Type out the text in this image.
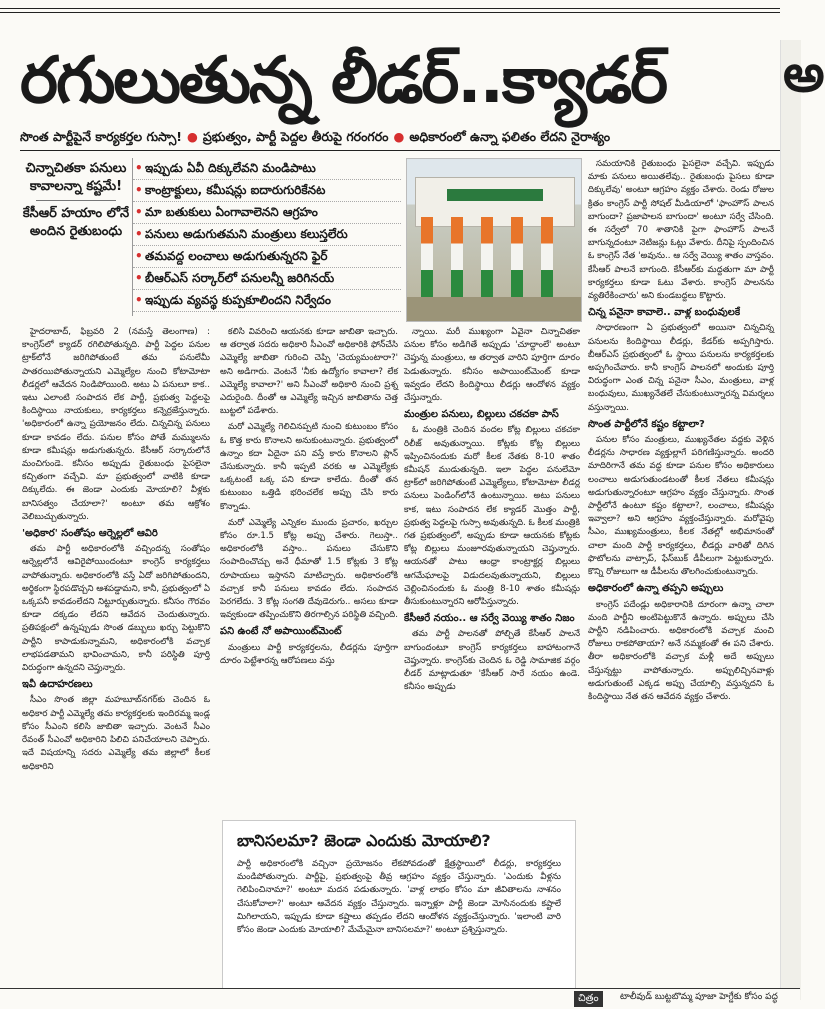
రగులుతున్న లీడర్..క్యాడర్
సొంత పార్టీపైనే కార్యకర్తల గుస్సా! ● ప్రభుత్వం, పార్టీ పెద్దల తీరుపై గరంగరం ● అధికారంలో ఉన్నా ఫలితం లేదని నైరాశ్యం
చిన్నాచితకా పనులు కావాలన్నా కష్టమే!
కేసీఆర్ హయాం లోనే అందిన రైతుబంధు
• ఇప్పుడు ఏవీ దిక్కులేవని మండిపాటు
• కాంట్రాక్టులు, కమీషన్లు ఐదారుగురికేనట
• మా బతుకులు ఏంగావాలెనని ఆగ్రహం
• పనులు అడుగుతమని మంత్రులు కలుస్తలేరు
• తమవద్ద లంచాలు అడుగుతున్నరని ఫైర్
• బీఆర్ఎస్ సర్కార్‌లో పనులన్నీ జరిగినయ్
• ఇప్పుడు వ్యవస్థ కుప్పకూలిందని నిర్వేదం

సమయానికి రైతుబంధు పైసలైనా వచ్చేవి. ఇప్పుడు మాకు పనులు అయితలేవు.. రైతుబంధు పైసలు కూడా దిక్కులేవు' అంటూ ఆగ్రహం వ్యక్తం చేశారు. రెండు రోజుల క్రితం కాంగ్రెస్ పార్టీ సోషల్ మీడియాలో 'ఫాంహౌస్ పాలన బాగుందా? ప్రజాపాలన బాగుందా' అంటూ సర్వే చేసింది. ఈ సర్వేలో 70 శాతానికి పైగా ఫాంహౌస్ పాలనే బాగున్నదంటూ నెటిజన్లు ఓట్లు వేశారు. దీనిపై స్పందించిన ఓ కాంగ్రెస్ నేత 'అవును.. ఆ సర్వే వెయ్యి శాతం వాస్తవం. కేసీఆర్ పాలనే బాగుంది. కేసీఆర్‌కు మద్దతుగా మా పార్టీ కార్యకర్తలు కూడా ఓటు వేశారు. కాంగ్రెస్ పాలనను వ్యతిరేకించారు' అని కుండబద్దలు కొట్టారు.

చిన్న పనైనా కావాలె.. వాళ్ల బంధువులకే

సాధారణంగా ఏ ప్రభుత్వంలో అయినా చిన్నచిన్న పనులను కిందిస్థాయి లీడర్లు, కేడర్‌కు అప్పగిస్తారు. బీఆర్ఎస్ ప్రభుత్వంలో ఓ స్థాయి పనులను కార్యకర్తలకు అప్పగించేవారు. కానీ కాంగ్రెస్ పాలనలో అందుకు పూర్తి విరుద్ధంగా ఎంత చిన్న పనైనా సీఎం, మంత్రులు, వాళ్ల బంధువులు, ముఖ్యనేతలే చేసుకుంటున్నారన్న విమర్శలు వస్తున్నాయి.

సొంత పార్టీలోనే కష్టం కట్టాలా?

పనుల కోసం మంత్రులు, ముఖ్యనేతల వద్దకు వెళ్లిన లీడర్లను సాధారణ వ్యక్తుల్లాగే పరిగణిస్తున్నారు. అందరి మాదిరిగానే తమ వద్ద కూడా పనుల కోసం అధికారులు లంచాలు అడుగుతుండటంతో కీలక నేతలు కమీషన్లు అడుగుతున్నారంటూ ఆగ్రహం వ్యక్తం చేస్తున్నారు. సొంత పార్టీలోనే ఉంటూ కష్టం కట్టాలా?, లంచాలు, కమీషన్లు ఇవ్వాలా? అని ఆగ్రహం వ్యక్తంచేస్తున్నారు. మరోవైపు సీఎం, ముఖ్యమంత్రులు, కీలక నేతల్లో అభిమానంతో చాలా మంది పార్టీ కార్యకర్తలు, లీడర్లు వారితో దిగిన ఫొటోలను వాట్సాప్, ఫేస్‌బుక్ డీపీలుగా పెట్టుకున్నారు. కొన్ని రోజులుగా ఆ డీపీలను తొలగించుకుంటున్నారు.

అధికారంలో ఉన్నా తప్పని అప్పులు

కాంగ్రెస్ పదేండ్లు అధికారానికి దూరంగా ఉన్నా చాలా మంది పార్టీని అంటిపెట్టుకొనే ఉన్నారు. అప్పులు చేసి పార్టీని నడిపించారు. అధికారంలోకి వచ్చాక మంచి రోజులు రాకపోతాయా? అనే నమ్మకంతో ఈ పని చేశారు. తీరా అధికారంలోకి వచ్చాక మళ్లీ అదే అప్పులు చేస్తున్నట్టు వాపోతున్నారు. అప్పులిచ్చినవాళ్లు అడుగుతుంటే ఎక్కడ అప్పు చేయాల్సి వస్తున్నదని ఓ కిందిస్థాయి నేత తన ఆవేదన వ్యక్తం చేశారు.

హైదరాబాద్, ఫిబ్రవరి 2 (నమస్తే తెలంగాణ) : కాంగ్రెస్‌లో క్యాడర్ రగిలిపోతున్నది. పార్టీ పెద్దల పనుల ట్రాక్‌లోనే జరిగిపోతుంటే తమ పనులేమీ పాతరయిపోతున్నాయని ఎమ్మెల్యేల నుంచి కోటామోటా లీడర్లలో ఆవేదన నిండిపోయింది. అటు ఏ పనులూ కాక.. ఇటు ఎలాంటి సంపాదన లేక పార్టీ, ప్రభుత్వ పెద్దలపై కిందిస్థాయి నాయకులు, కార్యకర్తలు కన్నెర్రజేస్తున్నారు. 'అధికారంలో ఉన్నా ప్రయోజనం లేదు. చిన్నచిన్న పనులు కూడా కావడం లేదు. పనుల కోసం పోతే మమ్ములను కూడా కమీషన్లు అడుగుతున్నరు. కేసీఆర్ సర్కారులోనే మంచిగుండె. కనీసం అప్పుడు రైతుబంధు పైసలైనా కచ్చితంగా వచ్చేవి. మా ప్రభుత్వంలో వాటికి కూడా దిక్కులేదు. ఈ జెండా ఎందుకు మోయాలి? వీళ్లకు బానిసత్వం చేయాలా?' అంటూ తమ ఆక్రోశం వెలిబుచ్చుతున్నారు.

'అధికార' సంతోషం ఆర్నెల్లలో ఆవిరి

తమ పార్టీ అధికారంలోకి వచ్చిందన్న సంతోషం ఆర్నెల్లలోనే ఆవిరైపోయిందంటూ కాంగ్రెస్ కార్యకర్తలు వాపోతున్నారు. అధికారంలోకి వస్తే ఏదో జరిగిపోతుందని, అర్థికంగా స్థిరపడొచ్చని ఆశపడ్డామని, కానీ, ప్రభుత్వంలో ఏ ఒక్కపనీ కావడంలేదని నిట్టూర్చుతున్నారు. కనీసం గౌరవం కూడా దక్కడం లేదని ఆవేదన చెందుతున్నారు. ప్రతిపక్షంలో ఉన్నప్పుడు సొంత డబ్బులు ఖర్చు పెట్టుకొని పార్టీని కాపాడుకున్నామని, అధికారంలోకి వచ్చాక లాభపడతామని భావించామని, కానీ పరిస్థితి పూర్తి విరుద్ధంగా ఉన్నదని చెప్తున్నారు.

ఇవీ ఉదాహరణలు

సీఎం సొంత జిల్లా మహబూబ్‌నగర్‌కు చెందిన ఓ అధికార పార్టీ ఎమ్మెల్యే తమ కార్యకర్తలకు ఇందిరమ్మ ఇండ్ల కోసం సీఎంని కలిసి జాబితా ఇచ్చారు. వెంటనే సీఎం రేవంత్ సీఎంవో అధికారిని పిలిచి పనిచేయాలని చెప్పారు. ఇదే విషయాన్ని సదరు ఎమ్మెల్యే తమ జిల్లాలో కీలక అధికారిని

కలిసి వివరించి ఆయనకు కూడా జాబితా ఇచ్చారు. ఆ తర్వాత సదరు అధికారి సీఎంవో అధికారికి ఫోన్‌చేసి ఎమ్మెల్యే జాబితా గురించి చెప్పి 'చెయ్యమంటారా?' అని అడిగారు. వెంటనే 'నీకు ఉద్యోగం కావాలా? లేక ఎమ్మెల్యే కావాలా?' అని సీఎంవో అధికారి నుంచి ప్రశ్న ఎదురైంది. దీంతో ఆ ఎమ్మెల్యే ఇచ్చిన జాబితాను చెత్త బుట్టలో పడేశారు.

మరో ఎమ్మెల్యే గెలిచినప్పటి నుంచి కుటుంబం కోసం ఓ కొత్త కారు కొనాలని అనుకుంటున్నారు. ప్రభుత్వంలో ఉన్నాం కదా ఏదైనా పని వస్తే కారు కొనాలని ప్లాన్ చేసుకున్నారు. కానీ ఇప్పటి వరకు ఆ ఎమ్మెల్యేకు ఒక్కటంటే ఒక్క పని కూడా కాలేదు. దీంతో తన కుటుంబం ఒత్తిడి భరించలేక అప్పు చేసి కారు కొన్నాడు.

మరో ఎమ్మెల్యే ఎన్నికల ముందు ప్రచారం, ఖర్చుల కోసం రూ.1.5 కోట్ల అప్పు చేశారు. గెలుస్తా.. అధికారంలోకి వస్తాం.. పనులు చేసుకొని సంపాదించొచ్చు అనే ధీమాతో 1.5 కోట్లకు 3 కోట్ల రూపాయలు ఇస్తానని మాటిచ్చారు. అధికారంలోకి వచ్చాక కానీ పనులు కావడం లేదు. సంపాదన పెరగలేదు. 3 కోట్ల సంగతి దేవుడెరుగు.. అసలు కూడా ఇవ్వకుండా తప్పించుకొని తిరగాల్సిన పరిస్థితి వచ్చింది.

పని ఉంటే నో అపాయింట్‌మెంట్

మంత్రులు పార్టీ కార్యకర్తలను, లీడర్లను పూర్తిగా దూరం పెట్టేశారన్న ఆరోపణలు వస్తు

న్నాయి. మరీ ముఖ్యంగా ఏవైనా చిన్నాచితకా పనుల కోసం అడిగితే అప్పుడు 'చూద్దాంలే' అంటూ చెప్తున్న మంత్రులు, ఆ తర్వాత వారిని పూర్తిగా దూరం పెడుతున్నారు. కనీసం అపాయింట్‌మెంట్ కూడా ఇవ్వడం లేదని కిందిస్థాయి లీడర్లు ఆందోళన వ్యక్తం చేస్తున్నారు.

మంత్రుల పనులు, బిల్లులు చకచకా పాస్

ఓ మంత్రికి చెందిన వందల కోట్ల బిల్లులు చకచకా రిలీజ్ అవుతున్నాయి. కోట్లకు కోట్ల బిల్లులు ఇప్పించినందుకు మరో కీలక నేతకు 8-10 శాతం కమీషన్ ముడుతున్నది. ఇలా పెద్దల పనులేమో ట్రాక్‌లో జరిగిపోతుంటే ఎమ్మెల్యేలు, కోటామోటా లీడర్ల పనులు పెండింగ్‌లోనే ఉంటున్నాయి. అటు పనులు కాక, ఇటు సంపాదన లేక క్యాడర్ మొత్తం పార్టీ, ప్రభుత్వ పెద్దలపై గుస్సా అవుతున్నది. ఓ కీలక మంత్రికి గత ప్రభుత్వంలో, అప్పుడు కూడా ఆయనకు కోట్లకు కోట్ల బిల్లులు మంజూరవుతున్నాయని చెప్తున్నారు. ఆయనతో పాటు ఆంధ్రా కాంట్రాక్టర్ల బిల్లులు ఆగమేఘాలపై విడుదలవుతున్నాయని, బిల్లులు చెల్లించినందుకు ఓ మంత్రి 8-10 శాతం కమీషన్లు తీసుకుంటున్నారని ఆరోపిస్తున్నారు.

కేసీఆరే నయం.. ఆ సర్వే వెయ్యి శాతం నిజం

తమ పార్టీ పాలనతో పోల్చితే కేసీఆర్ పాలనే బాగుందంటూ కాంగ్రెస్ కార్యకర్తలు బాహాటంగానే చెప్తున్నారు. కాంగ్రెస్‌కు చెందిన ఓ రెడ్డి సామాజిక వర్గం లీడర్ మాట్లాడుతూ 'కేసీఆర్ సారే నయం ఉండె. కనీసం అప్పుడు

బానిసలమా? జెండా ఎందుకు మోయాలి?
పార్టీ అధికారంలోకి వచ్చినా ప్రయోజనం లేకపోవడంతో క్షేత్రస్థాయిలో లీడర్లు, కార్యకర్తలు మండిపోతున్నారు. పార్టీపై, ప్రభుత్వంపై తీవ్ర ఆగ్రహం వ్యక్తం చేస్తున్నారు. 'ఎందుకు వీళ్లను గెలిపించినామా?' అంటూ మదన పడుతున్నారు. 'వాళ్ల లాభం కోసం మా జీవితాలను నాశనం చేసుకోవాలా?' అంటూ ఆవేదన వ్యక్తం చేస్తున్నారు. ఇన్నాళ్లూ పార్టీ జెండా మోసినందుకు కష్టాలే మిగిలాయని, ఇప్పుడు కూడా కష్టాలు తప్పడం లేదని ఆందోళన వ్యక్తంచేస్తున్నారు. 'ఇలాంటి వారి కోసం జెండా ఎందుకు మోయాలి? మేమేమైనా బానిసలమా?' అంటూ ప్రశ్నిస్తున్నారు.
అ
చిత్రం	టాలీవుడ్ బుట్టబొమ్మ పూజా హెగ్డేకు కోసం పద్ధ
